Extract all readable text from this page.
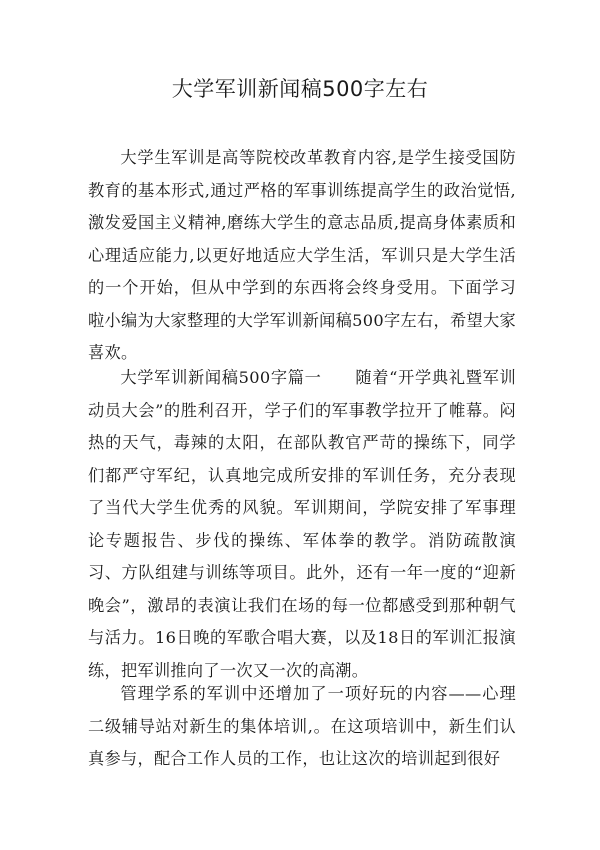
大学军训新闻稿500字左右

大学生军训是高等院校改革教育内容,是学生接受国防教育的基本形式,通过严格的军事训练提高学生的政治觉悟,激发爱国主义精神,磨练大学生的意志品质,提高身体素质和心理适应能力,以更好地适应大学生活，军训只是大学生活的一个开始，但从中学到的东西将会终身受用。下面学习啦小编为大家整理的大学军训新闻稿500字左右，希望大家喜欢。

大学军训新闻稿500字篇一　　随着“开学典礼暨军训动员大会”的胜利召开，学子们的军事教学拉开了帷幕。闷热的天气，毒辣的太阳，在部队教官严苛的操练下，同学们都严守军纪，认真地完成所安排的军训任务，充分表现了当代大学生优秀的风貌。军训期间，学院安排了军事理论专题报告、步伐的操练、军体拳的教学。消防疏散演习、方队组建与训练等项目。此外，还有一年一度的“迎新晚会”，激昂的表演让我们在场的每一位都感受到那种朝气与活力。16日晚的军歌合唱大赛，以及18日的军训汇报演练，把军训推向了一次又一次的高潮。

管理学系的军训中还增加了一项好玩的内容——心理二级辅导站对新生的集体培训,。在这项培训中，新生们认真参与，配合工作人员的工作，也让这次的培训起到很好
